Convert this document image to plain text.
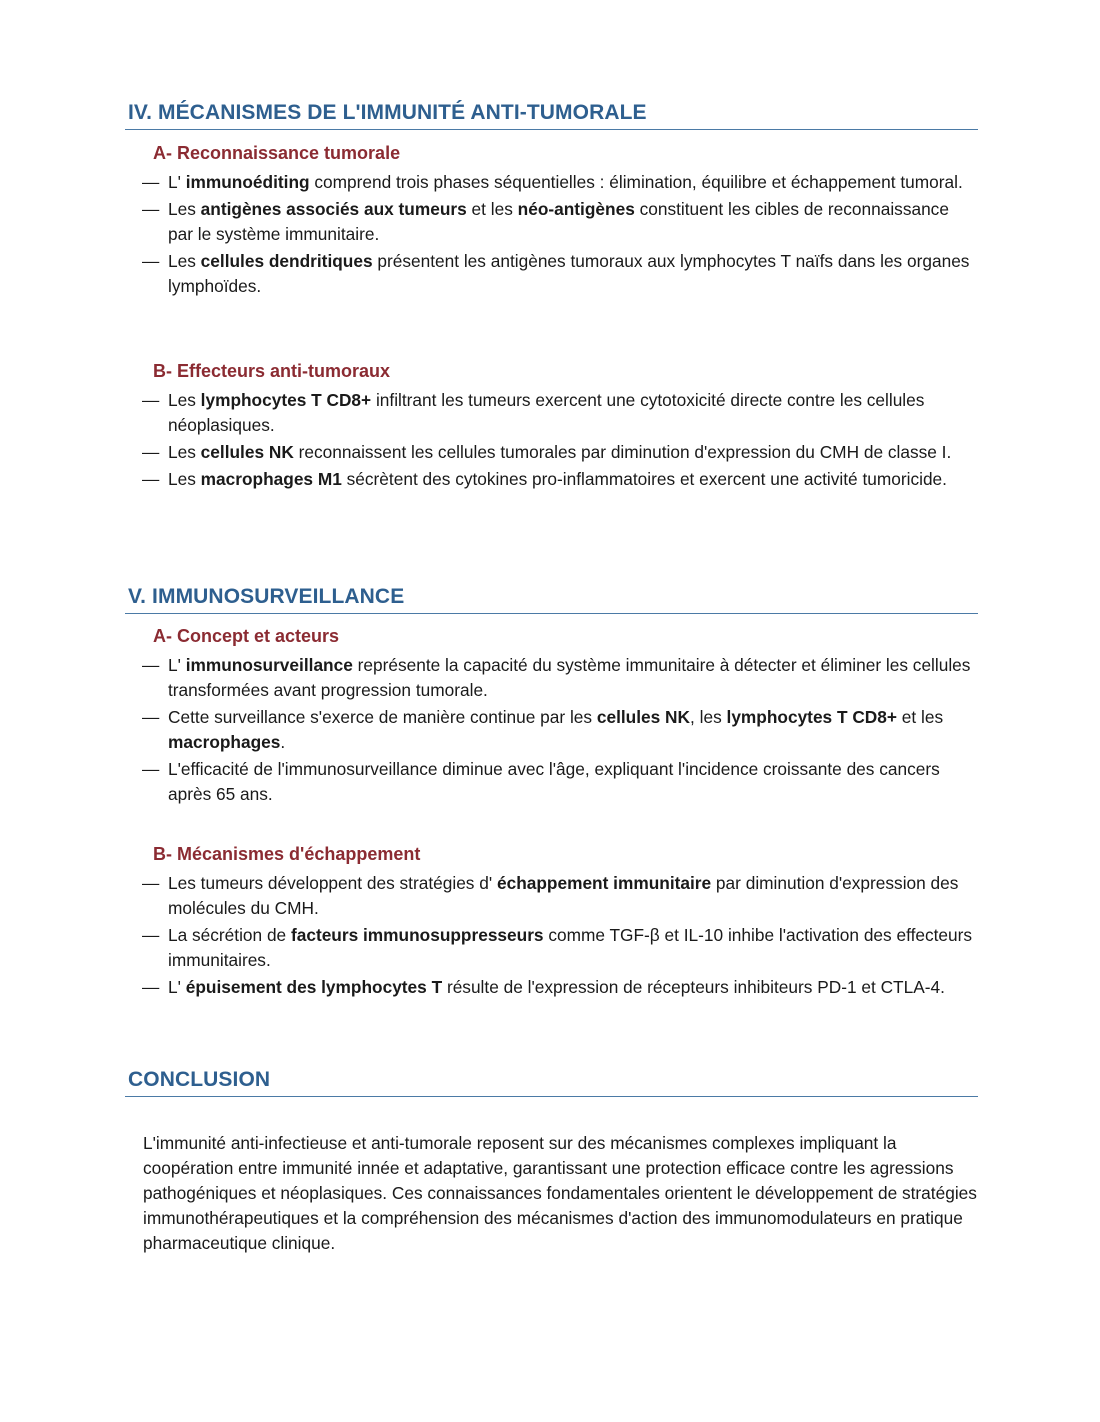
IV. MÉCANISMES DE L'IMMUNITÉ ANTI-TUMORALE
A- Reconnaissance tumorale
— L' immunoéditing comprend trois phases séquentielles : élimination, équilibre et échappement tumoral.
— Les antigènes associés aux tumeurs et les néo-antigènes constituent les cibles de reconnaissance par le système immunitaire.
— Les cellules dendritiques présentent les antigènes tumoraux aux lymphocytes T naïfs dans les organes lymphoïdes.
B- Effecteurs anti-tumoraux
— Les lymphocytes T CD8+ infiltrant les tumeurs exercent une cytotoxicité directe contre les cellules néoplasiques.
— Les cellules NK reconnaissent les cellules tumorales par diminution d'expression du CMH de classe I.
— Les macrophages M1 sécrètent des cytokines pro-inflammatoires et exercent une activité tumoricide.
V. IMMUNOSURVEILLANCE
A- Concept et acteurs
— L' immunosurveillance représente la capacité du système immunitaire à détecter et éliminer les cellules transformées avant progression tumorale.
— Cette surveillance s'exerce de manière continue par les cellules NK, les lymphocytes T CD8+ et les macrophages.
— L'efficacité de l'immunosurveillance diminue avec l'âge, expliquant l'incidence croissante des cancers après 65 ans.
B- Mécanismes d'échappement
— Les tumeurs développent des stratégies d' échappement immunitaire par diminution d'expression des molécules du CMH.
— La sécrétion de facteurs immunosuppresseurs comme TGF-β et IL-10 inhibe l'activation des effecteurs immunitaires.
— L' épuisement des lymphocytes T résulte de l'expression de récepteurs inhibiteurs PD-1 et CTLA-4.
CONCLUSION

L'immunité anti-infectieuse et anti-tumorale reposent sur des mécanismes complexes impliquant la coopération entre immunité innée et adaptative, garantissant une protection efficace contre les agressions pathogéniques et néoplasiques. Ces connaissances fondamentales orientent le développement de stratégies immunothérapeutiques et la compréhension des mécanismes d'action des immunomodulateurs en pratique pharmaceutique clinique.
